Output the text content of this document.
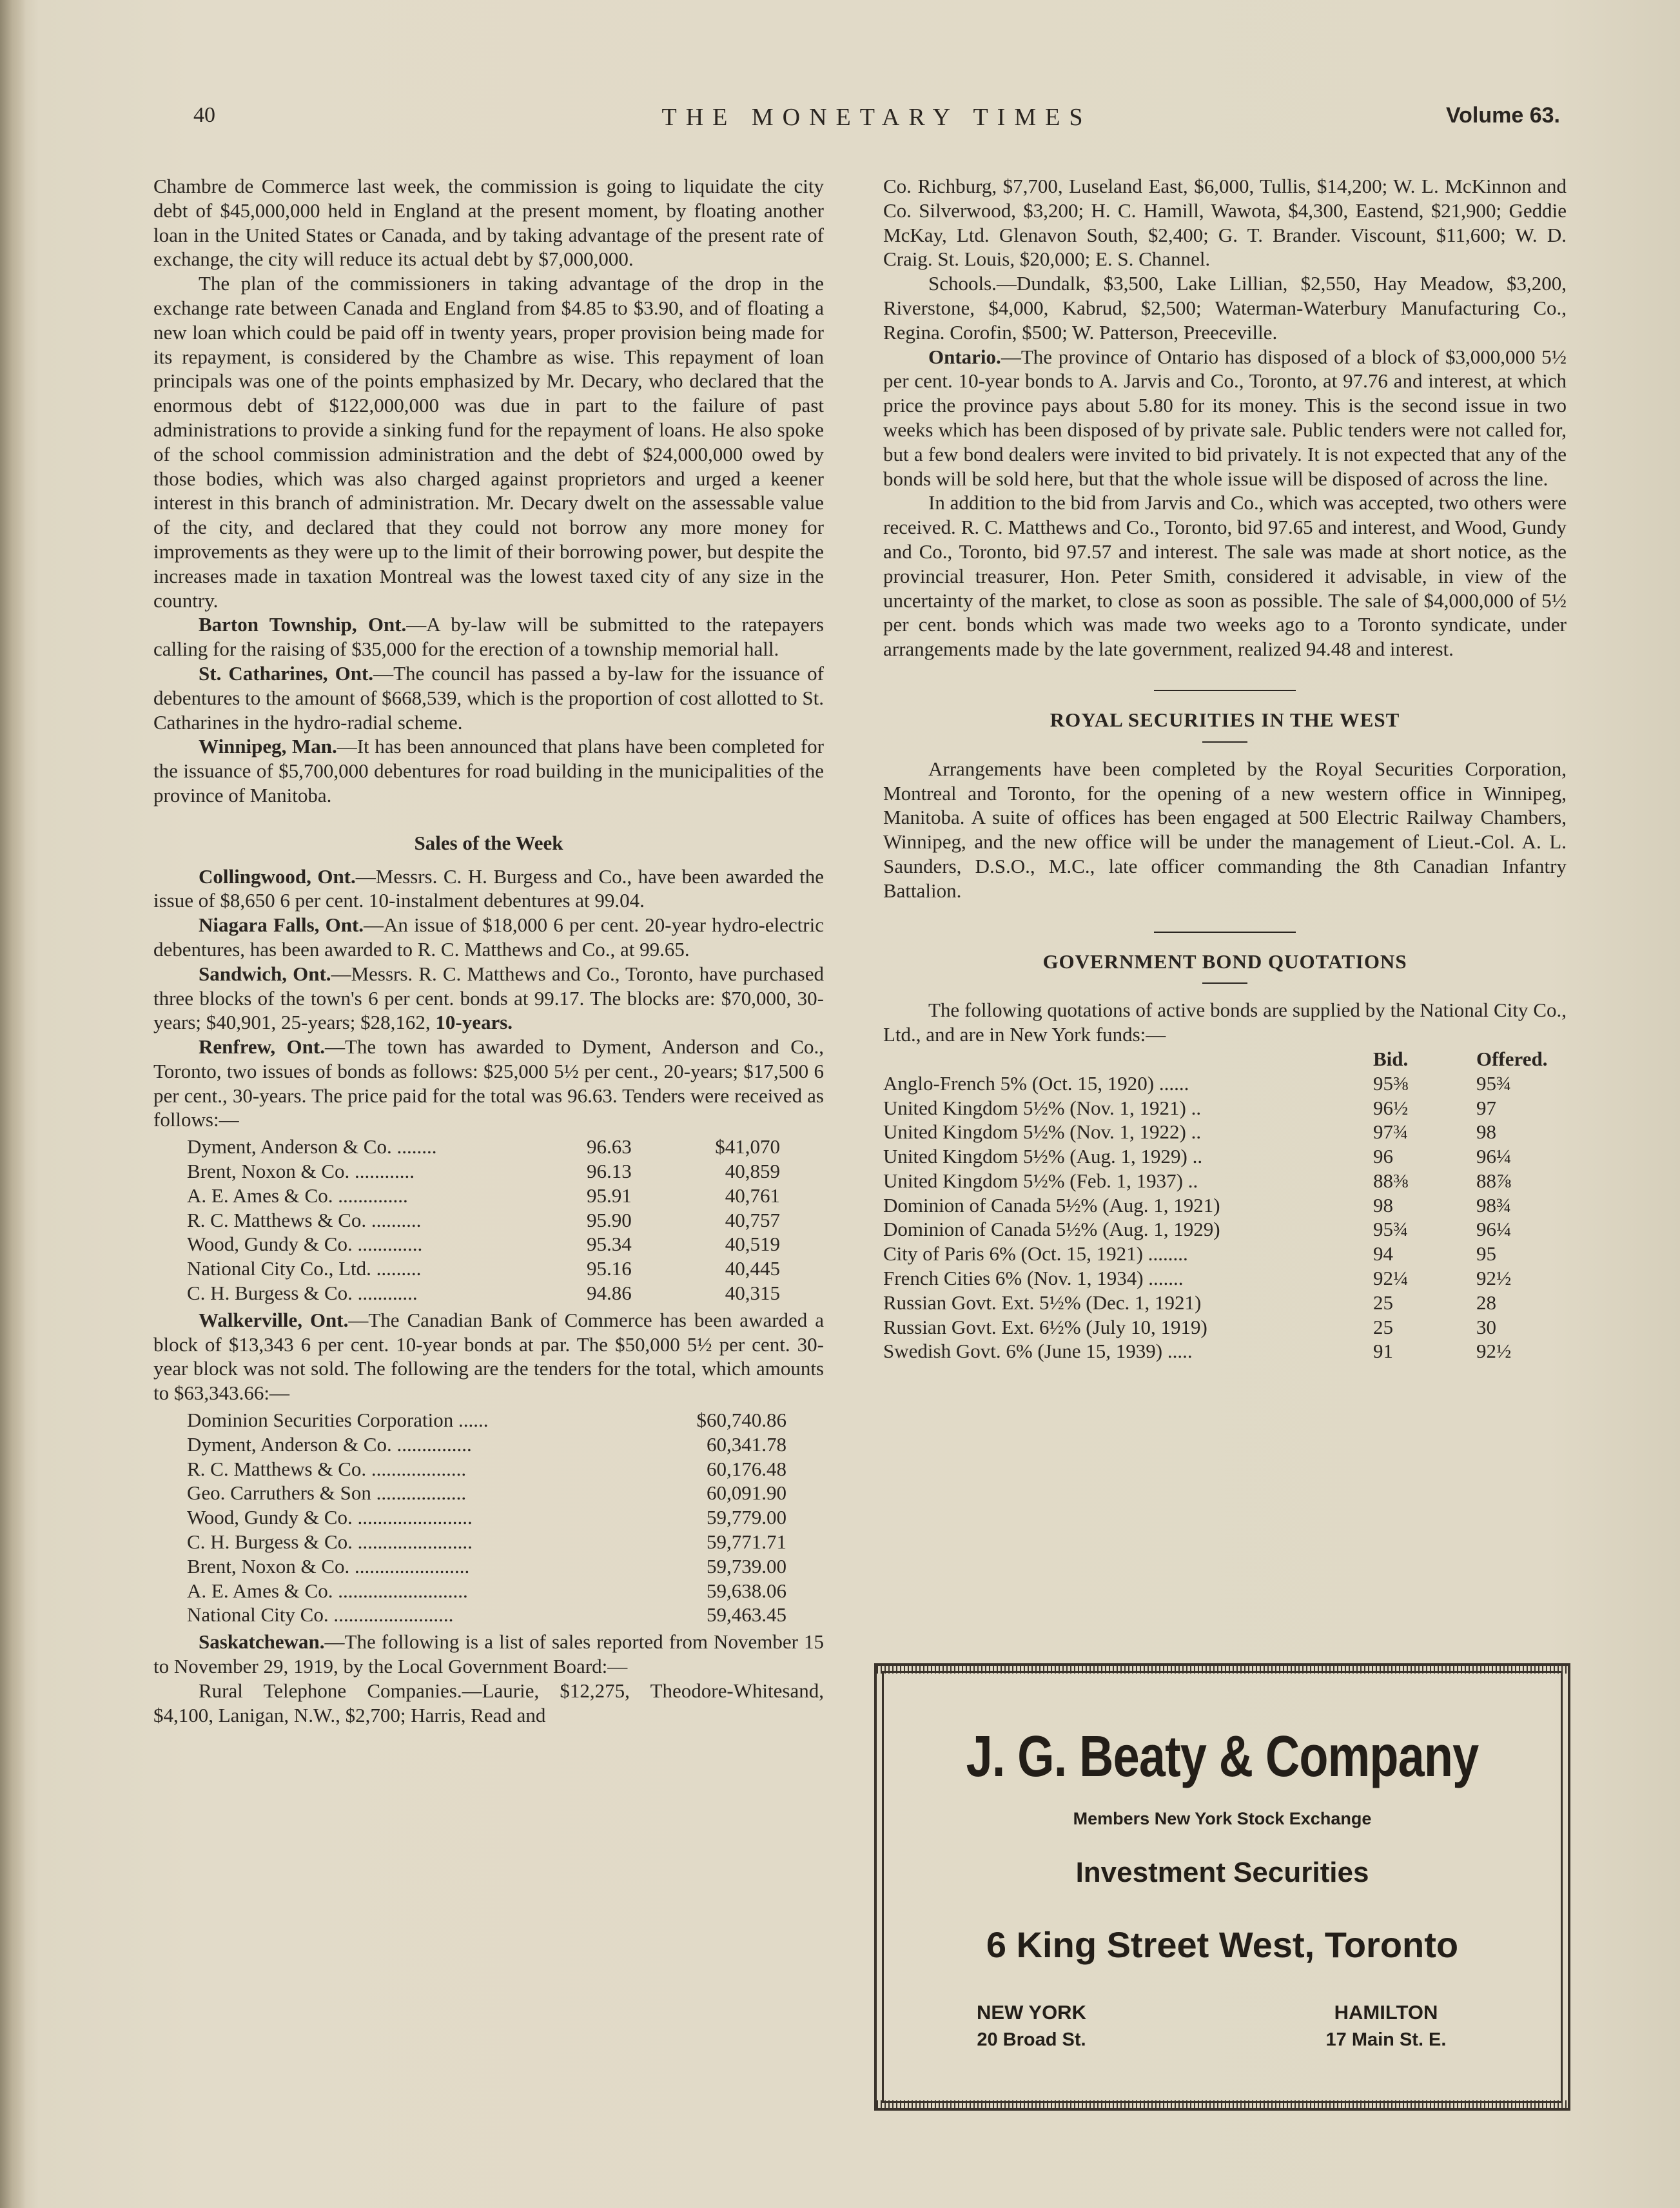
40	THE MONETARY TIMES	Volume 63.

Chambre de Commerce last week, the commission is going to liquidate the city debt of $45,000,000 held in England at the present moment, by floating another loan in the United States or Canada, and by taking advantage of the present rate of exchange, the city will reduce its actual debt by $7,000,000.

The plan of the commissioners in taking advantage of the drop in the exchange rate between Canada and England from $4.85 to $3.90, and of floating a new loan which could be paid off in twenty years, proper provision being made for its repayment, is considered by the Chambre as wise. This repayment of loan principals was one of the points emphasized by Mr. Decary, who declared that the enormous debt of $122,000,000 was due in part to the failure of past administrations to provide a sinking fund for the repayment of loans. He also spoke of the school commission administration and the debt of $24,000,000 owed by those bodies, which was also charged against proprietors and urged a keener interest in this branch of administration. Mr. Decary dwelt on the assessable value of the city, and declared that they could not borrow any more money for improvements as they were up to the limit of their borrowing power, but despite the increases made in taxation Montreal was the lowest taxed city of any size in the country.

Barton Township, Ont.—A by-law will be submitted to the ratepayers calling for the raising of $35,000 for the erection of a township memorial hall.

St. Catharines, Ont.—The council has passed a by-law for the issuance of debentures to the amount of $668,539, which is the proportion of cost allotted to St. Catharines in the hydro-radial scheme.

Winnipeg, Man.—It has been announced that plans have been completed for the issuance of $5,700,000 debentures for road building in the municipalities of the province of Manitoba.

Sales of the Week

Collingwood, Ont.—Messrs. C. H. Burgess and Co., have been awarded the issue of $8,650 6 per cent. 10-instalment debentures at 99.04.

Niagara Falls, Ont.—An issue of $18,000 6 per cent. 20-year hydro-electric debentures, has been awarded to R. C. Matthews and Co., at 99.65.

Sandwich, Ont.—Messrs. R. C. Matthews and Co., Toronto, have purchased three blocks of the town's 6 per cent. bonds at 99.17. The blocks are: $70,000, 30-years; $40,901, 25-years; $28,162, 10-years.

Renfrew, Ont.—The town has awarded to Dyment, Anderson and Co., Toronto, two issues of bonds as follows: $25,000 5½ per cent., 20-years; $17,500 6 per cent., 30-years. The price paid for the total was 96.63. Tenders were received as follows:—

Dyment, Anderson & Co. ........	96.63	$41,070
Brent, Noxon & Co. ............	96.13	40,859
A. E. Ames & Co. ..............	95.91	40,761
R. C. Matthews & Co. ..........	95.90	40,757
Wood, Gundy & Co. .............	95.34	40,519
National City Co., Ltd. .........	95.16	40,445
C. H. Burgess & Co. ............	94.86	40,315

Walkerville, Ont.—The Canadian Bank of Commerce has been awarded a block of $13,343 6 per cent. 10-year bonds at par. The $50,000 5½ per cent. 30-year block was not sold. The following are the tenders for the total, which amounts to $63,343.66:—

Dominion Securities Corporation ......	$60,740.86
Dyment, Anderson & Co. ...............	60,341.78
R. C. Matthews & Co. ...................	60,176.48
Geo. Carruthers & Son ..................	60,091.90
Wood, Gundy & Co. .......................	59,779.00
C. H. Burgess & Co. .......................	59,771.71
Brent, Noxon & Co. .......................	59,739.00
A. E. Ames & Co. ..........................	59,638.06
National City Co. ........................	59,463.45

Saskatchewan.—The following is a list of sales reported from November 15 to November 29, 1919, by the Local Government Board:—

Rural Telephone Companies.—Laurie, $12,275, Theodore-Whitesand, $4,100, Lanigan, N.W., $2,700; Harris, Read and

Co. Richburg, $7,700, Luseland East, $6,000, Tullis, $14,200; W. L. McKinnon and Co. Silverwood, $3,200; H. C. Hamill, Wawota, $4,300, Eastend, $21,900; Geddie McKay, Ltd. Glenavon South, $2,400; G. T. Brander. Viscount, $11,600; W. D. Craig. St. Louis, $20,000; E. S. Channel.

Schools.—Dundalk, $3,500, Lake Lillian, $2,550, Hay Meadow, $3,200, Riverstone, $4,000, Kabrud, $2,500; Waterman-Waterbury Manufacturing Co., Regina. Corofin, $500; W. Patterson, Preeceville.

Ontario.—The province of Ontario has disposed of a block of $3,000,000 5½ per cent. 10-year bonds to A. Jarvis and Co., Toronto, at 97.76 and interest, at which price the province pays about 5.80 for its money. This is the second issue in two weeks which has been disposed of by private sale. Public tenders were not called for, but a few bond dealers were invited to bid privately. It is not expected that any of the bonds will be sold here, but that the whole issue will be disposed of across the line.

In addition to the bid from Jarvis and Co., which was accepted, two others were received. R. C. Matthews and Co., Toronto, bid 97.65 and interest, and Wood, Gundy and Co., Toronto, bid 97.57 and interest. The sale was made at short notice, as the provincial treasurer, Hon. Peter Smith, considered it advisable, in view of the uncertainty of the market, to close as soon as possible. The sale of $4,000,000 of 5½ per cent. bonds which was made two weeks ago to a Toronto syndicate, under arrangements made by the late government, realized 94.48 and interest.

ROYAL SECURITIES IN THE WEST

Arrangements have been completed by the Royal Securities Corporation, Montreal and Toronto, for the opening of a new western office in Winnipeg, Manitoba. A suite of offices has been engaged at 500 Electric Railway Chambers, Winnipeg, and the new office will be under the management of Lieut.-Col. A. L. Saunders, D.S.O., M.C., late officer commanding the 8th Canadian Infantry Battalion.

GOVERNMENT BOND QUOTATIONS

The following quotations of active bonds are supplied by the National City Co., Ltd., and are in New York funds:—

	Bid.	Offered.
Anglo-French 5% (Oct. 15, 1920) ......	95⅜	95¾
United Kingdom 5½% (Nov. 1, 1921) ..	96½	97
United Kingdom 5½% (Nov. 1, 1922) ..	97¾	98
United Kingdom 5½% (Aug. 1, 1929) ..	96	96¼
United Kingdom 5½% (Feb. 1, 1937) ..	88⅜	88⅞
Dominion of Canada 5½% (Aug. 1, 1921)	98	98¾
Dominion of Canada 5½% (Aug. 1, 1929)	95¾	96¼
City of Paris 6% (Oct. 15, 1921) ........	94	95
French Cities 6% (Nov. 1, 1934) .......	92¼	92½
Russian Govt. Ext. 5½% (Dec. 1, 1921)	25	28
Russian Govt. Ext. 6½% (July 10, 1919)	25	30
Swedish Govt. 6% (June 15, 1939) .....	91	92½
J. G. Beaty & Company
Members New York Stock Exchange
Investment Securities
6 King Street West, Toronto
NEW YORK
20 Broad St.
HAMILTON
17 Main St. E.
